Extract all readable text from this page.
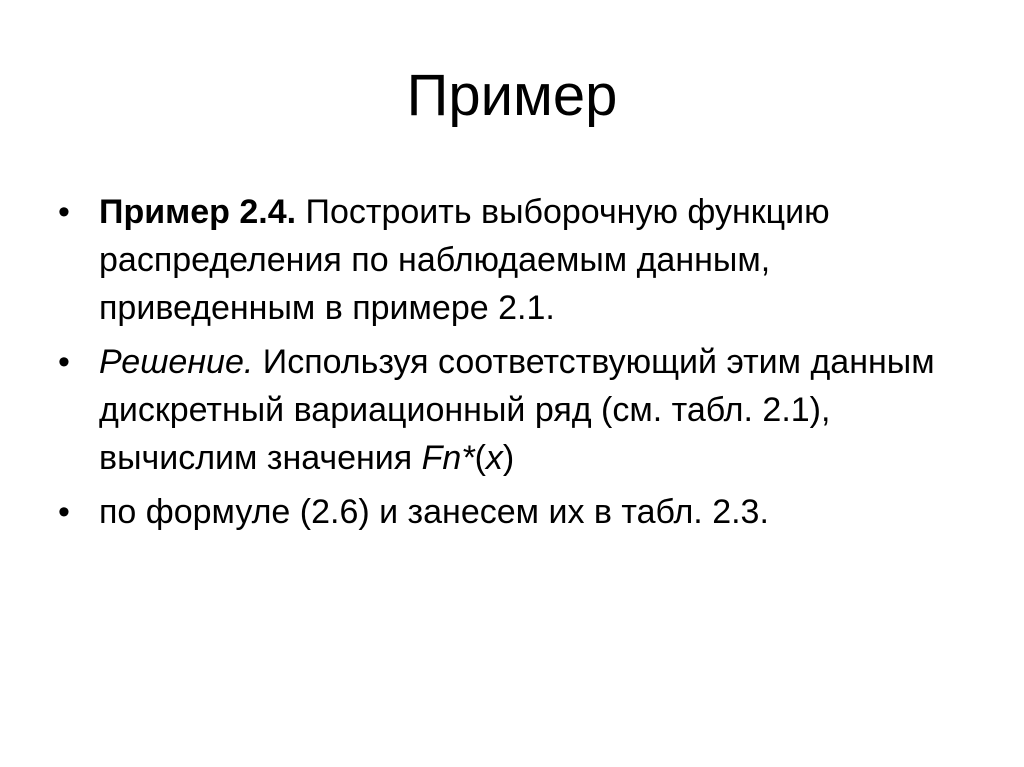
Пример
• Пример 2.4. Построить выборочную функцию распределения по наблюдаемым данным, приведенным в примере 2.1.
• Решение. Используя соответствующий этим данным дискретный вариационный ряд (см. табл. 2.1), вычислим значения Fn*(x)
• по формуле (2.6) и занесем их в табл. 2.3.
